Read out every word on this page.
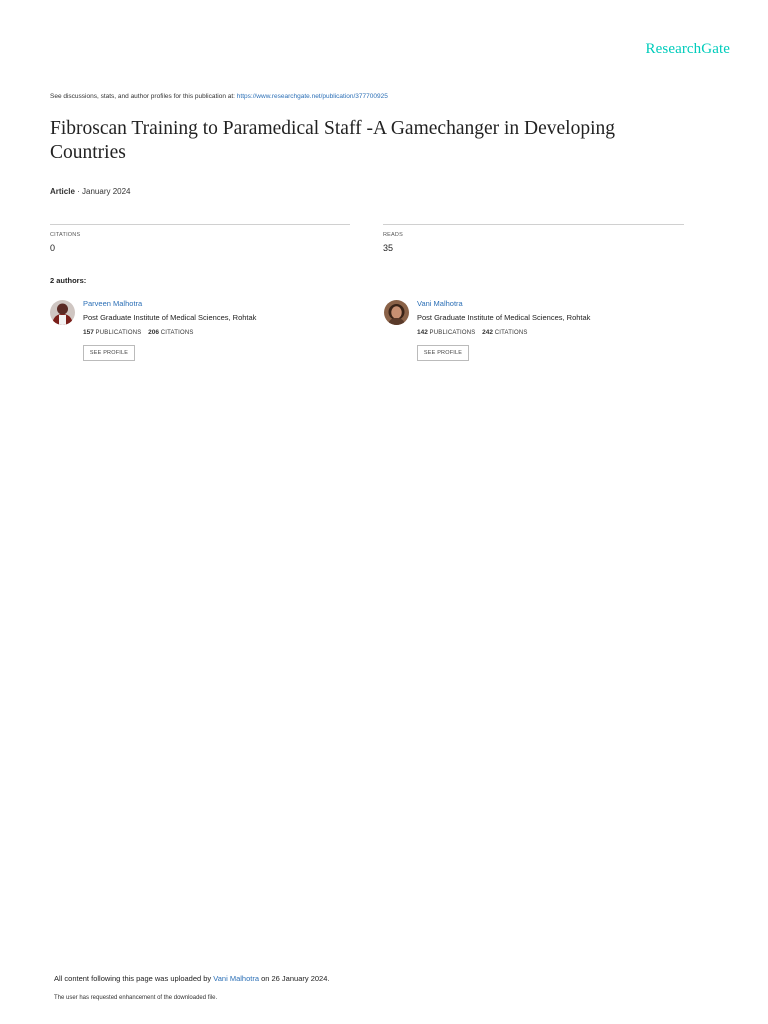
ResearchGate
See discussions, stats, and author profiles for this publication at: https://www.researchgate.net/publication/377700925
Fibroscan Training to Paramedical Staff -A Gamechanger in Developing Countries
Article · January 2024
CITATIONS
0
READS
35
2 authors:
Parveen Malhotra
Post Graduate Institute of Medical Sciences, Rohtak
157 PUBLICATIONS 206 CITATIONS
SEE PROFILE
Vani Malhotra
Post Graduate Institute of Medical Sciences, Rohtak
142 PUBLICATIONS 242 CITATIONS
SEE PROFILE
All content following this page was uploaded by Vani Malhotra on 26 January 2024.
The user has requested enhancement of the downloaded file.
